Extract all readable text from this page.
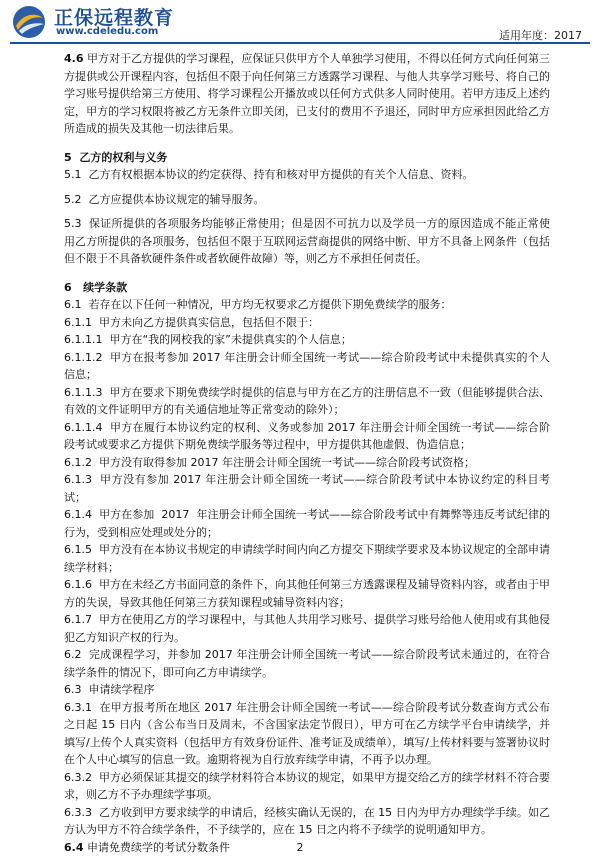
正保远程教育
www.cdeledu.com	适用年度：2017

4.6 甲方对于乙方提供的学习课程，应保证只供甲方个人单独学习使用，不得以任何方式向任何第三方提供或公开课程内容，包括但不限于向任何第三方透露学习课程、与他人共享学习账号、将自己的学习账号提供给第三方使用、将学习课程公开播放或以任何方式供多人同时使用。若甲方违反上述约定，甲方的学习权限将被乙方无条件立即关闭，已支付的费用不予退还，同时甲方应承担因此给乙方所造成的损失及其他一切法律后果。

5  乙方的权利与义务

5.1  乙方有权根据本协议的约定获得、持有和核对甲方提供的有关个人信息、资料。

5.2  乙方应提供本协议规定的辅导服务。

5.3  保证所提供的各项服务均能够正常使用；但是因不可抗力以及学员一方的原因造成不能正常使用乙方所提供的各项服务，包括但不限于互联网运营商提供的网络中断、甲方不具备上网条件（包括但不限于不具备软硬件条件或者软硬件故障）等，则乙方不承担任何责任。

6   续学条款

6.1  若存在以下任何一种情况，甲方均无权要求乙方提供下期免费续学的服务：

6.1.1  甲方未向乙方提供真实信息，包括但不限于：

6.1.1.1  甲方在“我的网校我的家”未提供真实的个人信息；

6.1.1.2  甲方在报考参加 2017 年注册会计师全国统一考试——综合阶段考试中未提供真实的个人信息；

6.1.1.3  甲方在要求下期免费续学时提供的信息与甲方在乙方的注册信息不一致（但能够提供合法、有效的文件证明甲方的有关通信地址等正常变动的除外）；

6.1.1.4  甲方在履行本协议约定的权利、义务或参加 2017 年注册会计师全国统一考试——综合阶段考试或要求乙方提供下期免费续学服务等过程中，甲方提供其他虚假、伪造信息；

6.1.2  甲方没有取得参加 2017 年注册会计师全国统一考试——综合阶段考试资格；

6.1.3  甲方没有参加 2017 年注册会计师全国统一考试——综合阶段考试中本协议约定的科目考试；

6.1.4  甲方在参加  2017  年注册会计师全国统一考试——综合阶段考试中有舞弊等违反考试纪律的行为，受到相应处理或处分的；

6.1.5  甲方没有在本协议书规定的申请续学时间内向乙方提交下期续学要求及本协议规定的全部申请续学材料；

6.1.6  甲方在未经乙方书面同意的条件下，向其他任何第三方透露课程及辅导资料内容，或者由于甲方的失误，导致其他任何第三方获知课程或辅导资料内容；

6.1.7  甲方在使用乙方的学习课程中，与其他人共用学习账号、提供学习账号给他人使用或有其他侵犯乙方知识产权的行为。

6.2  完成课程学习，并参加 2017 年注册会计师全国统一考试——综合阶段考试未通过的，在符合续学条件的情况下，即可向乙方申请续学。

6.3  申请续学程序

6.3.1  在甲方报考所在地区 2017 年注册会计师全国统一考试——综合阶段考试分数查询方式公布之日起 15 日内（含公布当日及周末，不含国家法定节假日），甲方可在乙方续学平台申请续学，并填写/上传个人真实资料（包括甲方有效身份证件、准考证及成绩单），填写/上传材料要与签署协议时在个人中心填写的信息一致。逾期将视为自行放弃续学申请，不再予以办理。

6.3.2  甲方必须保证其提交的续学材料符合本协议的规定，如果甲方提交给乙方的续学材料不符合要求，则乙方不予办理续学事项。

6.3.3  乙方收到甲方要求续学的申请后，经核实确认无误的，在 15 日内为甲方办理续学手续。如乙方认为甲方不符合续学条件，不予续学的，应在 15 日之内将不予续学的说明通知甲方。

6.4 申请免费续学的考试分数条件	2
